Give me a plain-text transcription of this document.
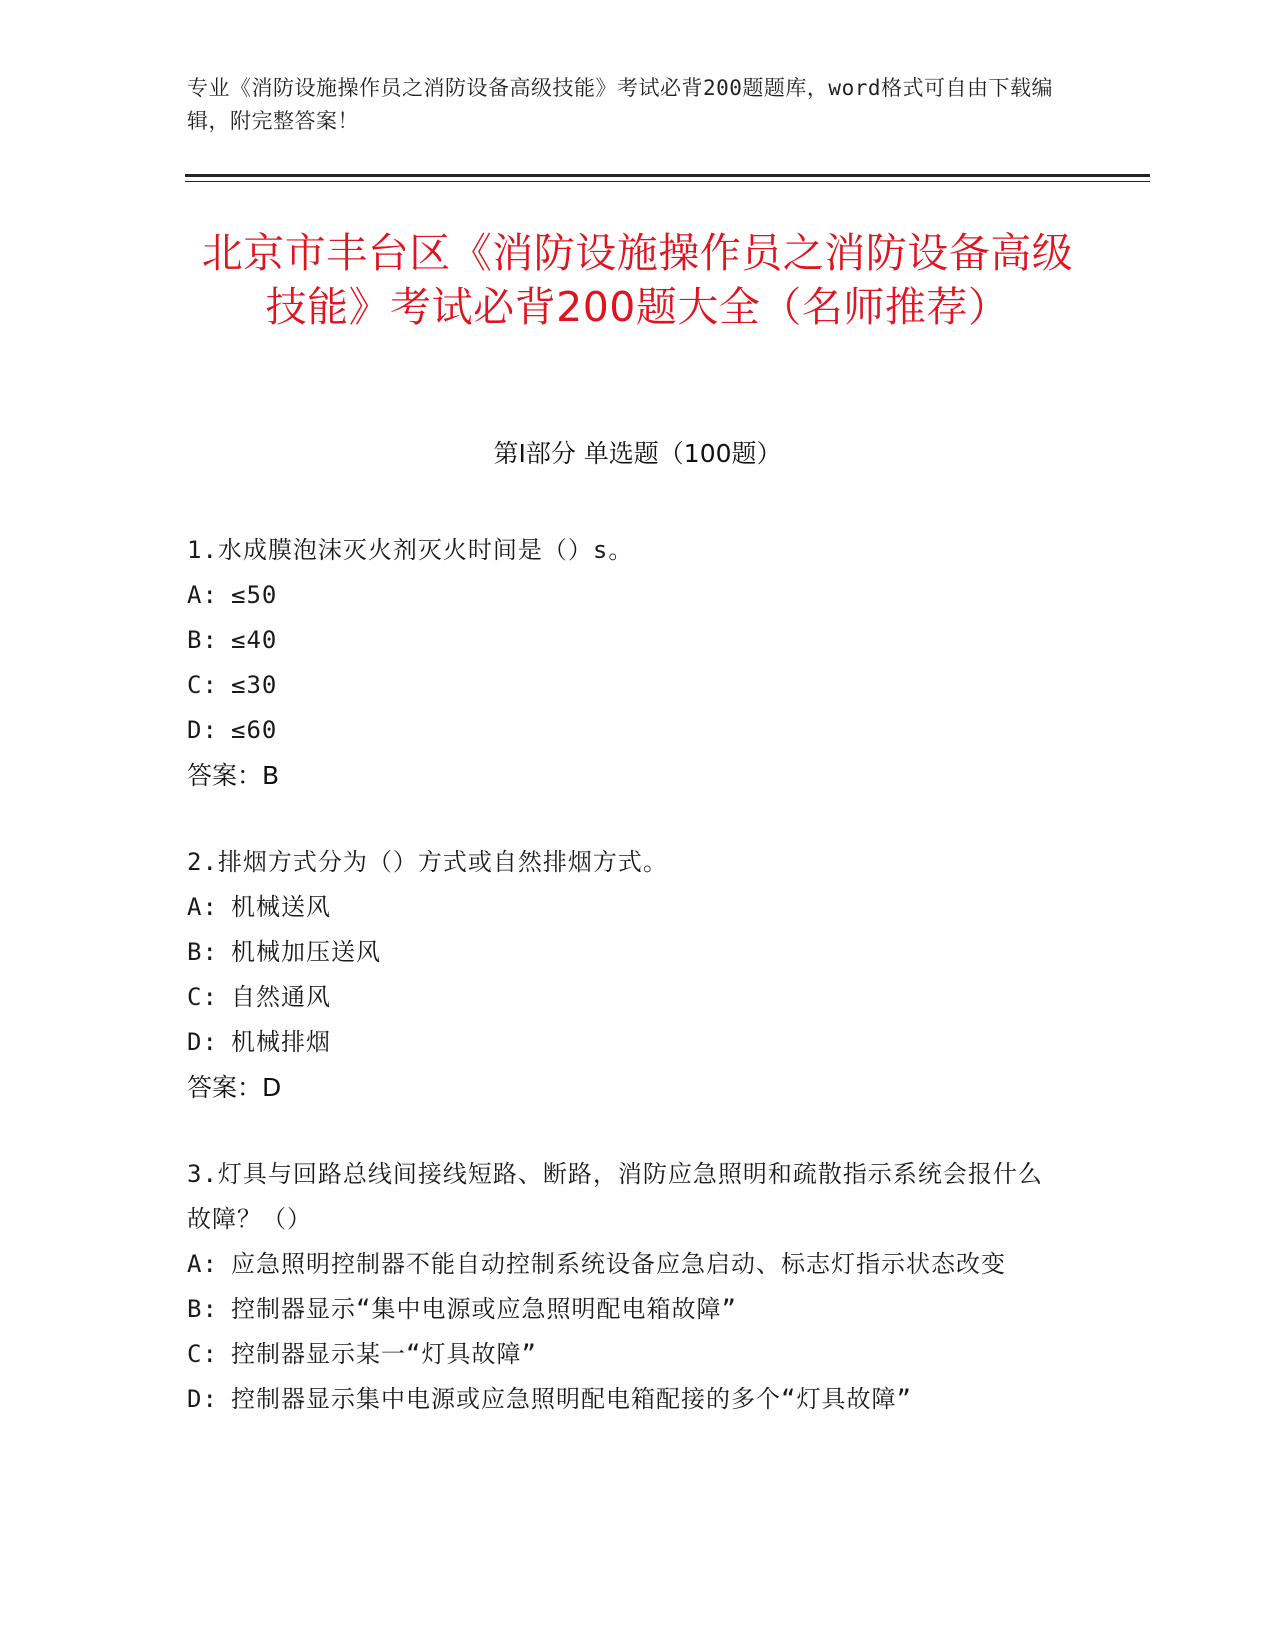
专业《消防设施操作员之消防设备高级技能》考试必背200题题库，word格式可自由下载编辑，附完整答案！
北京市丰台区《消防设施操作员之消防设备高级技能》考试必背200题大全（名师推荐）
第I部分 单选题（100题）
1.水成膜泡沫灭火剂灭火时间是（）s。
A: ≤50
B: ≤40
C: ≤30
D: ≤60
答案：B
2.排烟方式分为（）方式或自然排烟方式。
A: 机械送风
B: 机械加压送风
C: 自然通风
D: 机械排烟
答案：D
3.灯具与回路总线间接线短路、断路，消防应急照明和疏散指示系统会报什么故障？（）
A: 应急照明控制器不能自动控制系统设备应急启动、标志灯指示状态改变
B: 控制器显示“集中电源或应急照明配电箱故障”
C: 控制器显示某一“灯具故障”
D: 控制器显示集中电源或应急照明配电箱配接的多个“灯具故障”
